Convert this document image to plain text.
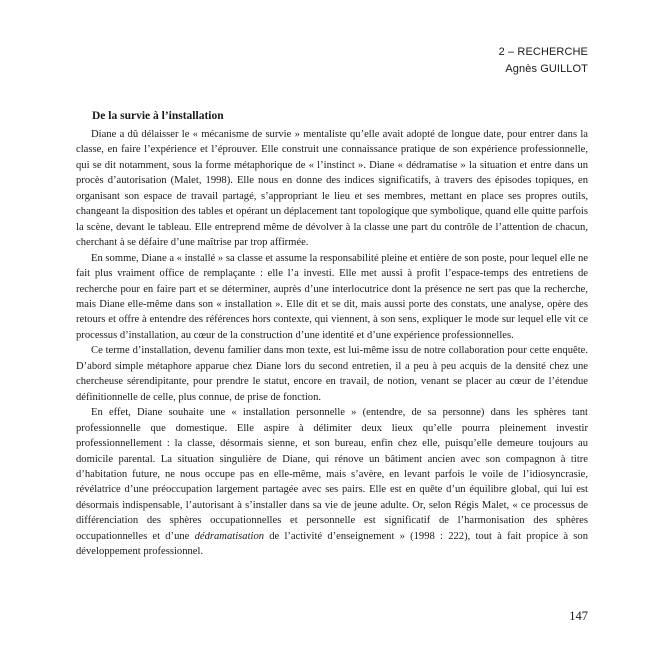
2 – RECHERCHE
Agnès GUILLOT
De la survie à l’installation

Diane a dû délaisser le « mécanisme de survie » mentaliste qu’elle avait adopté de longue date, pour entrer dans la classe, en faire l’expérience et l’éprouver. Elle construit une connaissance pratique de son expérience professionnelle, qui se dit notamment, sous la forme métaphorique de « l’instinct ». Diane « dédramatise » la situation et entre dans un procès d’autorisation (Malet, 1998). Elle nous en donne des indices significatifs, à travers des épisodes topiques, en organisant son espace de travail partagé, s’appropriant le lieu et ses membres, mettant en place ses propres outils, changeant la disposition des tables et opérant un déplacement tant topologique que symbolique, quand elle quitte parfois la scène, devant le tableau. Elle entreprend même de dévolver à la classe une part du contrôle de l’attention de chacun, cherchant à se défaire d’une maîtrise par trop affirmée.

En somme, Diane a « installé » sa classe et assume la responsabilité pleine et entière de son poste, pour lequel elle ne fait plus vraiment office de remplaçante : elle l’a investi. Elle met aussi à profit l’espace-temps des entretiens de recherche pour en faire part et se déterminer, auprès d’une interlocutrice dont la présence ne sert pas que la recherche, mais Diane elle-même dans son « installation ». Elle dit et se dit, mais aussi porte des constats, une analyse, opère des retours et offre à entendre des références hors contexte, qui viennent, à son sens, expliquer le mode sur lequel elle vit ce processus d’installation, au cœur de la construction d’une identité et d’une expérience professionnelles.

Ce terme d’installation, devenu familier dans mon texte, est lui-même issu de notre collaboration pour cette enquête. D’abord simple métaphore apparue chez Diane lors du second entretien, il a peu à peu acquis de la densité chez une chercheuse sérendipitante, pour prendre le statut, encore en travail, de notion, venant se placer au cœur de l’étendue définitionnelle de celle, plus connue, de prise de fonction.

En effet, Diane souhaite une « installation personnelle » (entendre, de sa personne) dans les sphères tant professionnelle que domestique. Elle aspire à délimiter deux lieux qu’elle pourra pleinement investir professionnellement : la classe, désormais sienne, et son bureau, enfin chez elle, puisqu’elle demeure toujours au domicile parental. La situation singulière de Diane, qui rénove un bâtiment ancien avec son compagnon à titre d’habitation future, ne nous occupe pas en elle-même, mais s’avère, en levant parfois le voile de l’idiosyncrasie, révélatrice d’une préoccupation largement partagée avec ses pairs. Elle est en quête d’un équilibre global, qui lui est désormais indispensable, l’autorisant à s’installer dans sa vie de jeune adulte. Or, selon Régis Malet, « ce processus de différenciation des sphères occupationnelles et personnelle est significatif de l’harmonisation des sphères occupationnelles et d’une dédramatisation de l’activité d’enseignement » (1998 : 222), tout à fait propice à son développement professionnel.

147
